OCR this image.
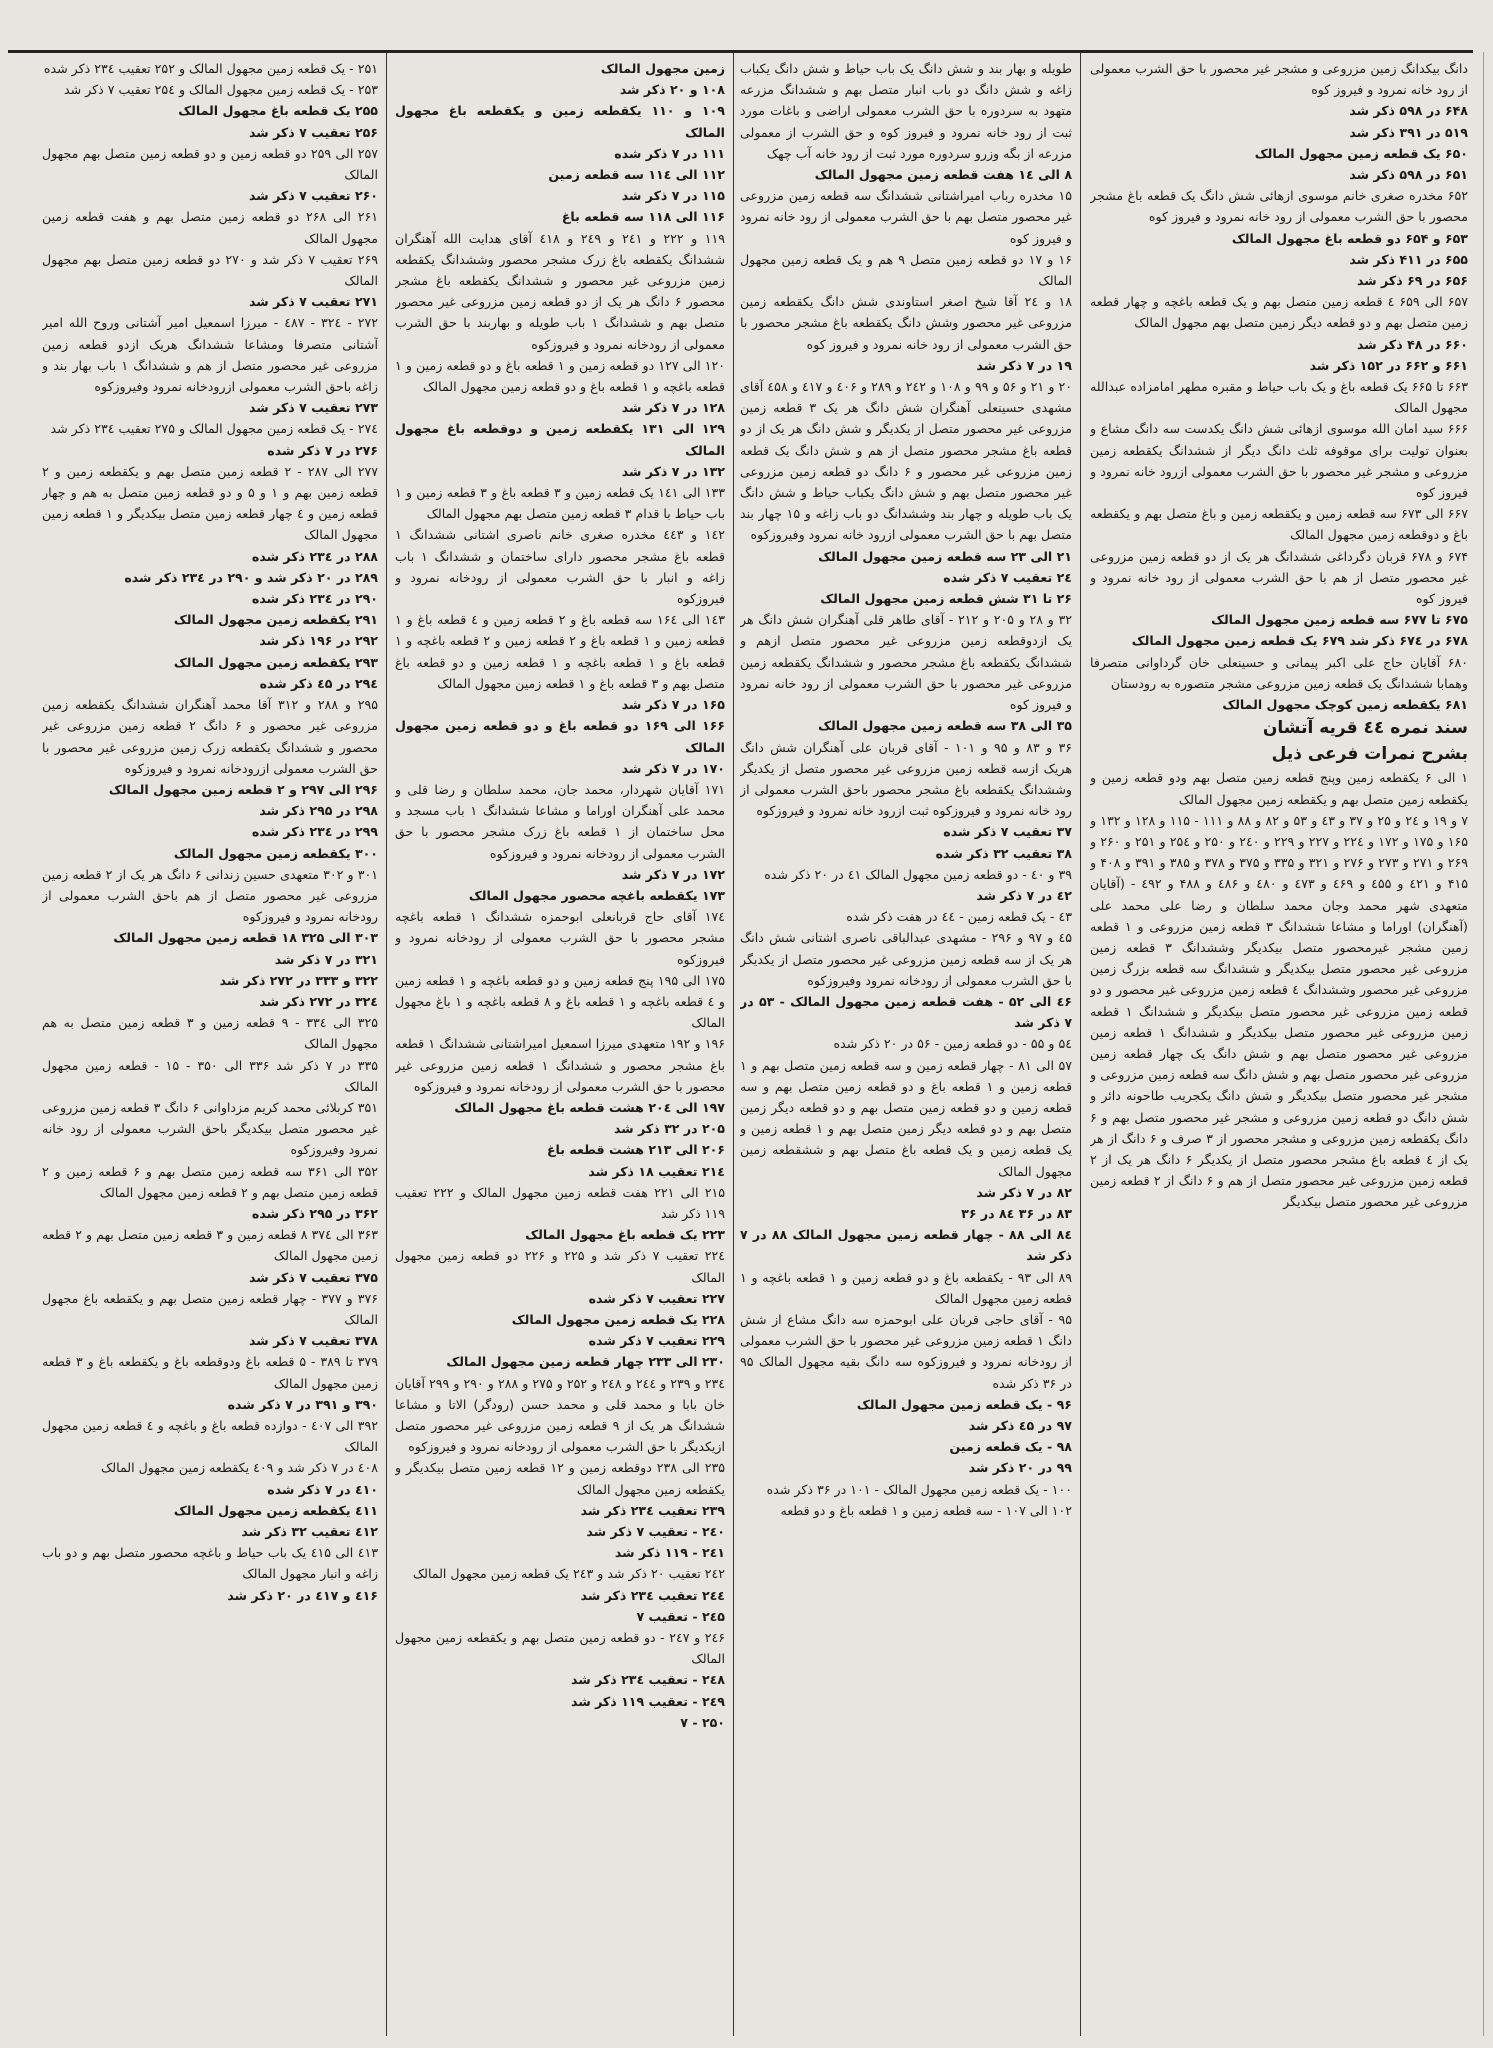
دانگ بیکدانگ زمین مزروعی و مشجر غیر محصور با حق الشرب معمولی از رود خانه نمرود و فیروز کوه

۶۴۸ در ۵۹۸ ذکر شد

۵۱۹ در ۳۹۱ ذکر شد

۶۵۰ یک قطعه زمین مجهول المالک

۶۵۱ در ۵۹۸ ذکر شد

۶۵۲ مخدره صغری خانم موسوی ازهائی شش دانگ یک قطعه باغ مشجر محصور با حق الشرب معمولی از رود خانه نمرود و فیروز کوه

۶۵۳ و ۶۵۴ دو قطعه باغ مجهول المالک

۶۵۵ در ۴۱۱ ذکر شد

۶۵۶ در ۶۹ ذکر شد

۶۵۷ الی ۶۵۹ ٤ قطعه زمین متصل بهم و یک قطعه باغچه و چهار قطعه زمین متصل بهم و دو قطعه دیگر زمین متصل بهم مجهول المالک

۶۶۰ در ۴۸ ذکر شد

۶۶۱ و ۶۶۲ در ۱۵۲ ذکر شد

۶۶۳ تا ۶۶۵ یک قطعه باغ و یک باب حیاط و مقبره مطهر امامزاده عبدالله مجهول المالک

۶۶۶ سید امان الله موسوی ازهائی شش دانگ یکدست سه دانگ مشاع و بعنوان تولیت برای موقوفه ثلث دانگ دیگر از ششدانگ یکقطعه زمین مزروعی و مشجر غیر محصور با حق الشرب معمولی ازرود خانه نمرود و فیروز کوه

۶۶۷ الی ۶۷۳ سه قطعه زمین و یکقطعه زمین و باغ متصل بهم و یکقطعه باغ و دوقطعه زمین مجهول المالک

۶۷۴ و ۶۷۸ قربان دگرداغی ششدانگ هر یک از دو قطعه زمین مزروعی غیر محصور متصل از هم با حق الشرب معمولی از رود خانه نمرود و فیروز کوه

۶۷۵ تا ۶۷۷ سه قطعه زمین مجهول المالک

۶۷۸ در ۶۷٤ ذکر شد ۶۷۹ یک قطعه زمین مجهول المالک

۶۸۰ آقایان حاج علی اکبر پیمانی و حسینعلی خان گرداوانی متصرفا وهمابا ششدانگ یک قطعه زمین مزروعی مشجر متصوره به رودستان

۶۸۱ یکقطعه زمین کوچک مجهول المالک

سند نمره ٤٤ قریه آتشان

بشرح نمرات فرعی ذیل

۱ الی ۶ یکقطعه زمین وپنج قطعه زمین متصل بهم ودو قطعه زمین و یکقطعه زمین متصل بهم و یکقطعه زمین مجهول المالک

۷ و ۱۹ و ۲٤ و ۲۵ و ۳۷ و ٤۳ و ۵۳ و ۸۲ و ۸۸ و ۱۱۱ - ۱۱۵ و ۱۲۸ و ۱۳۲ و ۱۶۵ و ۱۷۵ و ۱۷۲ و ۲۲٤ و ۲۲۷ و ۲۲۹ و ۲٤۰ و ۲۵۰ و ۲۵٤ و ۲۵۱ و ۲۶۰ و ۲۶۹ و ۲۷۱ و ۲۷۳ و ۲۷۶ و ۳۲۱ و ۳۳۵ و ۳۷۵ و ۳۷۸ و ۳۸۵ و ۳۹۱ و ۴۰۸ و ۴۱۵ و ٤۲۱ و ٤۵۵ و ٤۶۹ و ٤۷۳ و ٤۸۰ و ٤۸۶ و ۴۸۸ و ٤۹۲ - (آقایان متعهدی شهر محمد وجان محمد سلطان و رضا علی محمد علی (آهنگران) اوراما و مشاعا ششدانگ ۳ قطعه زمین مزروعی و ۱ قطعه زمین مشجر غیرمحصور متصل بیکدیگر وششدانگ ۳ قطعه زمین مزروعی غیر محصور متصل بیکدیگر و ششدانگ سه قطعه بزرگ زمین مزروعی غیر محصور وششدانگ ٤ قطعه زمین مزروعی غیر محصور و دو قطعه زمین مزروعی غیر محصور متصل بیکدیگر و ششدانگ ۱ قطعه زمین مزروعی غیر محصور متصل بیکدیگر و ششدانگ ۱ قطعه زمین مزروعی غیر محصور متصل بهم و شش دانگ یک چهار قطعه زمین مزروعی غیر محصور متصل بهم و شش دانگ سه قطعه زمین مزروعی و مشجر غیر محصور متصل بیکدیگر و شش دانگ یکجریب طاحونه دائر و شش دانگ دو قطعه زمین مزروعی و مشجر غیر محصور متصل بهم و ۶ دانگ یکقطعه زمین مزروعی و مشجر محصور از ۳ صرف و ۶ دانگ از هر یک از ٤ قطعه باغ مشجر محصور متصل از یکدیگر ۶ دانگ هر یک از ۲ قطعه زمین مزروعی غیر محصور متصل از هم و ۶ دانگ از ۲ قطعه زمین مزروعی غیر محصور متصل بیکدیگر

طویله و بهار بند و شش دانگ یک باب حیاط و شش دانگ یکباب زاغه و شش دانگ دو باب انبار متصل بهم و ششدانگ مزرعه متهود به سردوره با حق الشرب معمولی اراضی و باغات مورد ثبت از رود خانه نمرود و فیروز کوه و حق الشرب از معمولی مزرعه از بگه وزرو سردوره مورد ثبت از رود خانه آب چهک

۸ الی ١٤ هفت قطعه زمین مجهول المالک

۱۵ مخدره رباب امیراشتانی ششدانگ سه قطعه زمین مزروعی غیر محصور متصل بهم با حق الشرب معمولی از رود خانه نمرود و فیروز کوه

۱۶ و ۱۷ دو قطعه زمین متصل ۹ هم و یک قطعه زمین مجهول المالک

۱۸ و ۲٤ آقا شیخ اصغر استاوندی شش دانگ یکقطعه زمین مزروعی غیر محصور وشش دانگ یکقطعه باغ مشجر محصور با حق الشرب معمولی از رود خانه نمرود و فیروز کوه

۱۹ در ۷ ذکر شد

۲۰ و ۲۱ و ۵۶ و ۹۹ و ۱۰۸ و ۲٤۲ و ۲۸۹ و ٤۰۶ و ٤۱۷ و ٤۵۸ آقای مشهدی حسینعلی آهنگران شش دانگ هر یک ۳ قطعه زمین مزروعی غیر محصور متصل از یکدیگر و شش دانگ هر یک از دو قطعه باغ مشجر محصور متصل از هم و شش دانگ یک قطعه زمین مزروعی غیر محصور و ۶ دانگ دو قطعه زمین مزروعی غیر محصور متصل بهم و شش دانگ یکباب حیاط و شش دانگ یک باب طویله و چهار بند وششدانگ دو باب زاغه و ١۵ چهار بند متصل بهم با حق الشرب معمولی ازرود خانه نمرود وفیروزکوه

۲۱ الی ۲۳ سه قطعه زمین مجهول المالک

۲٤ تعقیب ۷ ذکر شده

۲۶ تا ۳۱ شش قطعه زمین مجهول المالک

۳۲ و ۲۸ و ۲۰۵ و ۲۱۲ - آقای طاهر قلی آهنگران شش دانگ هر یک ازدوقطعه زمین مزروعی غیر محصور متصل ازهم و ششدانگ یکقطعه باغ مشجر محصور و ششدانگ یکقطعه زمین مزروعی غیر محصور با حق الشرب معمولی از رود خانه نمرود و فیروز کوه

۳۵ الی ۳۸ سه قطعه زمین مجهول المالک

۳۶ و ۸۳ و ۹۵ و ۱۰۱ - آقای قربان علی آهنگران شش دانگ هریک ازسه قطعه زمین مزروعی غیر محصور متصل از یکدیگر وششدانگ یکقطعه باغ مشجر محصور باحق الشرب معمولی از رود خانه نمرود و فیروزکوه ثبت ازرود خانه نمرود و فیروزکوه

۳۷ تعقیب ۷ ذکر شده

۳۸ تعقیب ۳۲ ذکر شده

۳۹ و ٤۰ - دو قطعه زمین مجهول المالک ٤١ در ۲۰ ذکر شده

٤۲ در ۷ ذکر شد

٤۳ - یک قطعه زمین - ٤٤ در هفت ذکر شده

٤۵ و ۹۷ و ۲۹۶ - مشهدی عبدالباقی ناصری اشتانی شش دانگ هر یک از سه قطعه زمین مزروعی غیر محصور متصل از یکدیگر با حق الشرب معمولی از رودخانه نمرود وفیروزکوه

٤۶ الی ۵۲ - هفت قطعه زمین مجهول المالک - ۵۳ در ۷ ذکر شد

۵٤ و ۵۵ - دو قطعه زمین - ۵۶ در ۲۰ ذکر شده

۵۷ الی ۸۱ - چهار قطعه زمین و سه قطعه زمین متصل بهم و ۱ قطعه زمین و ۱ قطعه باغ و دو قطعه زمین متصل بهم و سه قطعه زمین و دو قطعه زمین متصل بهم و دو قطعه دیگر زمین متصل بهم و دو قطعه دیگر زمین متصل بهم و ۱ قطعه زمین و یک قطعه زمین و یک قطعه باغ متصل بهم و ششقطعه زمین مجهول المالک

۸۲ در ۷ ذکر شد

۸۳ در ۳۶ ۸٤ در ۳۶

۸٤ الی ۸۸ - چهار قطعه زمین مجهول المالک ۸۸ در ۷ ذکر شد

۸۹ الی ۹۳ - یکقطعه باغ و دو قطعه زمین و ۱ قطعه باغچه و ۱ قطعه زمین مجهول المالک

۹۵ - آقای حاجی قربان علی ابوحمزه سه دانگ مشاع از شش دانگ ۱ قطعه زمین مزروعی غیر محصور با حق الشرب معمولی از رودخانه نمرود و فیروزکوه سه دانگ بقیه مجهول المالک ۹۵ در ۳۶ ذکر شده

۹۶ - یک قطعه زمین مجهول المالک

۹۷ در ٤۵ ذکر شد

۹۸ - یک قطعه زمین

۹۹ در ۲۰ ذکر شد

۱۰۰ - یک قطعه زمین مجهول المالک - ۱۰۱ در ۳۶ ذکر شده

۱۰۲ الی ۱۰۷ - سه قطعه زمین و ۱ قطعه باغ و دو قطعه

زمین مجهول المالک

۱۰۸ و ۲۰ ذکر شد

۱۰۹ و ۱۱۰ یکقطعه زمین و یکقطعه باغ مجهول المالک

۱۱۱ در ۷ ذکر شده

۱۱۲ الی ۱۱٤ سه قطعه زمین

۱۱۵ در ۷ ذکر شد

۱۱۶ الی ۱۱۸ سه قطعه باغ

۱۱۹ و ۲۲۲ و ۲٤۱ و ۲٤۹ و ٤۱۸ آقای هدایت الله آهنگران ششدانگ یکقطعه باغ زرک مشجر محصور وششدانگ یکقطعه زمین مزروعی غیر محصور و ششدانگ یکقطعه باغ مشجر محصور ۶ دانگ هر یک از دو قطعه زمین مزروعی غیر محصور متصل بهم و ششدانگ ۱ باب طویله و بهاربند با حق الشرب معمولی از رودخانه نمرود و فیروزکوه

۱۲۰ الی ۱۲۷ دو قطعه زمین و ۱ قطعه باغ و دو قطعه زمین و ۱ قطعه باغچه و ۱ قطعه باغ و دو قطعه زمین مجهول المالک

۱۲۸ در ۷ ذکر شد

۱۲۹ الی ۱۳۱ یکقطعه زمین و دوقطعه باغ مجهول المالک

۱۳۲ در ۷ ذکر شد

۱۳۳ الی ۱٤۱ یک قطعه زمین و ۳ قطعه باغ و ۳ قطعه زمین و ۱ باب حیاط با قدام ۳ قطعه زمین متصل بهم مجهول المالک

۱٤۲ و ٤٤۳ مخدره صغری خانم ناصری اشتانی ششدانگ ۱ قطعه باغ مشجر محصور دارای ساختمان و ششدانگ ۱ باب زاغه و انبار با حق الشرب معمولی از رودخانه نمرود و فیروزکوه

۱٤۳ الی ۱۶٤ سه قطعه باغ و ۲ قطعه زمین و ٤ قطعه باغ و ۱ قطعه زمین و ۱ قطعه باغ و ۲ قطعه زمین و ۲ قطعه باغچه و ۱ قطعه باغ و ۱ قطعه باغچه و ۱ قطعه زمین و دو قطعه باغ متصل بهم و ۳ قطعه باغ و ۱ قطعه زمین مجهول المالک

۱۶۵ در ۷ ذکر شد

۱۶۶ الی ۱۶۹ دو قطعه باغ و دو قطعه زمین مجهول المالک

۱۷۰ در ۷ ذکر شد

۱۷۱ آقایان شهردار، محمد جان، محمد سلطان و رضا قلی و محمد علی آهنگران اوراما و مشاعا ششدانگ ۱ باب مسجد و محل ساختمان از ۱ قطعه باغ زرک مشجر محصور با حق الشرب معمولی از رودخانه نمرود و فیروزکوه

۱۷۲ در ۷ ذکر شد

۱۷۳ یکقطعه باغچه محصور مجهول المالک

۱۷٤ آقای حاج قربانعلی ابوحمزه ششدانگ ۱ قطعه باغچه مشجر محصور با حق الشرب معمولی از رودخانه نمرود و فیروزکوه

۱۷۵ الی ۱۹۵ پنج قطعه زمین و دو قطعه باغچه و ۱ قطعه زمین و ٤ قطعه باغچه و ۱ قطعه باغ و ۸ قطعه باغچه و ۱ باغ مجهول المالک

۱۹۶ و ۱۹۲ متعهدی میرزا اسمعیل امیراشتانی ششدانگ ۱ قطعه باغ مشجر محصور و ششدانگ ۱ قطعه زمین مزروعی غیر محصور با حق الشرب معمولی از رودخانه نمرود و فیروزکوه

۱۹۷ الی ۲۰٤ هشت قطعه باغ مجهول المالک

۲۰۵ در ۳۲ ذکر شد

۲۰۶ الی ۲۱۳ هشت قطعه باغ

۲۱٤ تعقیب ۱۸ ذکر شد

۲۱۵ الی ۲۲۱ هفت قطعه زمین مجهول المالک و ۲۲۲ تعقیب ۱۱۹ ذکر شد

۲۲۳ یک قطعه باغ مجهول المالک

۲۲٤ تعقیب ۷ ذکر شد و ۲۲۵ و ۲۲۶ دو قطعه زمین مجهول المالک

۲۲۷ تعقیب ۷ ذکر شده

۲۲۸ یک قطعه زمین مجهول المالک

۲۲۹ تعقیب ۷ ذکر شده

۲۳۰ الی ۲۳۳ چهار قطعه زمین مجهول المالک

۲۳٤ و ۲۳۹ و ۲٤٤ و ۲٤۸ و ۲۵۲ و ۲۷۵ و ۲۸۸ و ۲۹۰ و ۲۹۹ آقایان خان بابا و محمد قلی و محمد حسن (رودگر) الاتا و مشاعا ششدانگ هر یک از ۹ قطعه زمین مزروعی غیر محصور متصل ازیکدیگر با حق الشرب معمولی از رودخانه نمرود و فیروزکوه

۲۳۵ الی ۲۳۸ دوقطعه زمین و ۱۲ قطعه زمین متصل بیکدیگر و یکقطعه زمین مجهول المالک

۲۳۹ تعقیب ۲۳٤ ذکر شد

۲٤۰ - تعقیب ۷ ذکر شد

۲٤۱ - ۱۱۹ ذکر شد

۲٤۲ تعقیب ۲۰ ذکر شد و ۲٤۳ یک قطعه زمین مجهول المالک

۲٤٤ تعقیب ۲۳٤ ذکر شد

۲٤۵ - تعقیب ۷

۲٤۶ و ۲٤۷ - دو قطعه زمین متصل بهم و یکقطعه زمین مجهول المالک

۲٤۸ - تعقیب ۲۳٤ ذکر شد

۲٤۹ - تعقیب ۱۱۹ ذکر شد

۲۵۰ - ۷

۲۵۱ - یک قطعه زمین مجهول المالک و ۲۵۲ تعقیب ۲۳٤ ذکر شده

۲۵۳ - یک قطعه زمین مجهول المالک و ۲۵٤ تعقیب ۷ ذکر شد

۲۵۵ یک قطعه باغ مجهول المالک

۲۵۶ تعقیب ۷ ذکر شد

۲۵۷ الی ۲۵۹ دو قطعه زمین و دو قطعه زمین متصل بهم مجهول المالک

۲۶۰ تعقیب ۷ ذکر شد

۲۶۱ الی ۲۶۸ دو قطعه زمین متصل بهم و هفت قطعه زمین مجهول المالک

۲۶۹ تعقیب ۷ ذکر شد و ۲۷۰ دو قطعه زمین متصل بهم مجهول المالک

۲۷۱ تعقیب ۷ ذکر شد

۲۷۲ - ۳۲٤ - ٤۸۷ - میرزا اسمعیل امیر آشتانی وروح الله امیر آشتانی متصرفا ومشاعا ششدانگ هریک ازدو قطعه زمین مزروعی غیر محصور متصل از هم و ششدانگ ۱ باب بهار بند و زاغه باحق الشرب معمولی ازرودخانه نمرود وفیروزکوه

۲۷۳ تعقیب ۷ ذکر شد

۲۷٤ - یک قطعه زمین مجهول المالک و ۲۷۵ تعقیب ۲۳٤ ذکر شد

۲۷۶ در ۷ ذکر شده

۲۷۷ الی ۲۸۷ - ۲ قطعه زمین متصل بهم و یکقطعه زمین و ۲ قطعه زمین بهم و ۱ و ۵ و دو قطعه زمین متصل به هم و چهار قطعه زمین و ٤ چهار قطعه زمین متصل بیکدیگر و ۱ قطعه زمین مجهول المالک

۲۸۸ در ۲۳٤ ذکر شده

۲۸۹ در ۲۰ ذکر شد و ۲۹۰ در ۲۳٤ ذکر شده

۲۹۰ در ۲۳٤ ذکر شده

۲۹۱ یکقطعه زمین مجهول المالک

۲۹۲ در ۱۹۶ ذکر شد

۲۹۳ یکقطعه زمین مجهول المالک

۲۹٤ در ٤۵ ذکر شده

۲۹۵ و ۲۸۸ و ۳۱۲ آقا محمد آهنگران ششدانگ یکقطعه زمین مزروعی غیر محصور و ۶ دانگ ۲ قطعه زمین مزروعی غیر محصور و ششدانگ یکقطعه زرک زمین مزروعی غیر محصور با حق الشرب معمولی ازرودخانه نمرود و فیروزکوه

۲۹۶ الی ۲۹۷ و ۲ قطعه زمین مجهول المالک

۲۹۸ در ۲۹۵ ذکر شد

۲۹۹ در ۲۳٤ ذکر شده

۳۰۰ یکقطعه زمین مجهول المالک

۳۰۱ و ۳۰۲ متعهدی حسین زندانی ۶ دانگ هر یک از ۲ قطعه زمین مزروعی غیر محصور متصل از هم باحق الشرب معمولی از رودخانه نمرود و فیروزکوه

۳۰۳ الی ۳۲۵ ۱۸ قطعه زمین مجهول المالک

۳۲۱ در ۷ ذکر شد

۳۲۲ و ۳۳۳ در ۲۷۲ ذکر شد

۳۲٤ در ۲۷۲ ذکر شد

۳۲۵ الی ۳۳٤ - ۹ قطعه زمین و ۳ قطعه زمین متصل به هم مجهول المالک

۳۳۵ در ۷ ذکر شد ۳۳۶ الی ۳۵۰ - ۱۵ - قطعه زمین مجهول المالک

۳۵۱ کربلائی محمد کریم مزداوانی ۶ دانگ ۳ قطعه زمین مزروعی غیر محصور متصل بیکدیگر باحق الشرب معمولی از رود خانه نمرود وفیروزکوه

۳۵۲ الی ۳۶۱ سه قطعه زمین متصل بهم و ۶ قطعه زمین و ۲ قطعه زمین متصل بهم و ۲ قطعه زمین مجهول المالک

۳۶۲ در ۲۹۵ ذکر شده

۳۶۳ الی ۳۷٤ ۸ قطعه زمین و ۳ قطعه زمین متصل بهم و ۲ قطعه زمین مجهول المالک

۳۷۵ تعقیب ۷ ذکر شد

۳۷۶ و ۳۷۷ - چهار قطعه زمین متصل بهم و یکقطعه باغ مجهول المالک

۳۷۸ تعقیب ۷ ذکر شد

۳۷۹ تا ۳۸۹ - ۵ قطعه باغ ودوقطعه باغ و یکقطعه باغ و ۳ قطعه زمین مجهول المالک

۳۹۰ و ۳۹۱ در ۷ ذکر شده

۳۹۲ الی ٤۰۷ - دوازده قطعه باغ و باغچه و ٤ قطعه زمین مجهول المالک

٤۰۸ در ۷ ذکر شد و ٤۰۹ یکقطعه زمین مجهول المالک

٤۱۰ در ۷ ذکر شده

٤۱۱ یکقطعه زمین مجهول المالک

٤۱۲ تعقیب ۳۲ ذکر شد

٤۱۳ الی ٤۱۵ یک باب حیاط و باغچه محصور متصل بهم و دو باب زاغه و انبار مجهول المالک

٤۱۶ و ٤۱۷ در ۲۰ ذکر شد
